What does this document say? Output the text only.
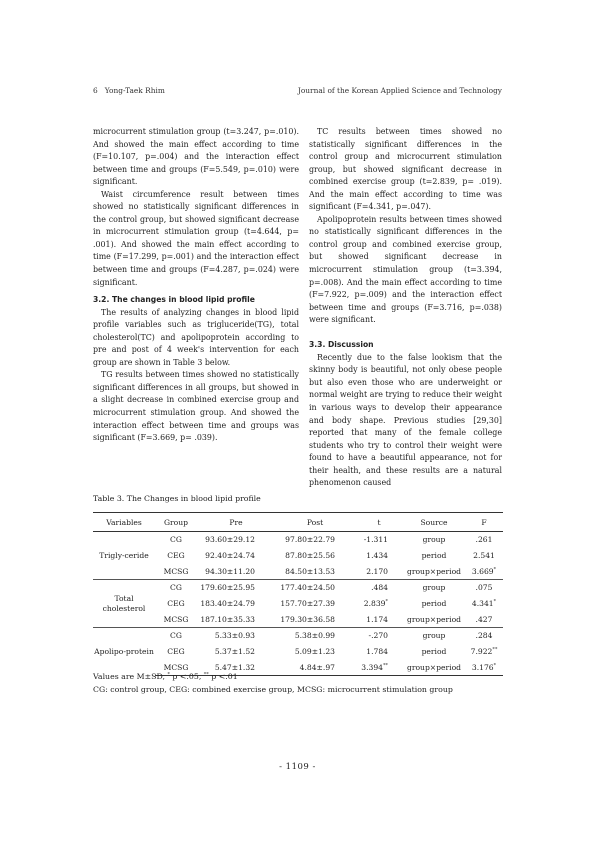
6 Yong-Taek Rhim	Journal of the Korean Applied Science and Technology

microcurrent stimulation group (t=3.247, p=.010). And showed the main effect according to time (F=10.107, p=.004) and the interaction effect between time and groups (F=5.549, p=.010) were significant.

Waist circumference result between times showed no statistically significant differences in the control group, but showed significant decrease in microcurrent stimulation group (t=4.644, p= .001). And showed the main effect according to time (F=17.299, p=.001) and the interaction effect between time and groups (F=4.287, p=.024) were significant.

3.2. The changes in blood lipid profile

The results of analyzing changes in blood lipid profile variables such as trigluceride(TG), total cholesterol(TC) and apolipoprotein according to pre and post of 4 week's intervention for each group are shown in Table 3 below.

TG results between times showed no statistically significant differences in all groups, but showed in a slight decrease in combined exercise group and microcurrent stimulation group. And showed the interaction effect between time and groups was significant (F=3.669, p= .039).

TC results between times showed no statistically significant differences in the control group and microcurrent stimulation group, but showed significant decrease in combined exercise group (t=2.839, p= .019). And the main effect according to time was significant (F=4.341, p=.047).

Apolipoprotein results between times showed no statistically significant differences in the control group and combined exercise group, but showed significant decrease in microcurrent stimulation group (t=3.394, p=.008). And the main effect according to time (F=7.922, p=.009) and the interaction effect between time and groups (F=3.716, p=.038) were significant.

3.3. Discussion

Recently due to the false lookism that the skinny body is beautiful, not only obese people but also even those who are underweight or normal weight are trying to reduce their weight in various ways to develop their appearance and body shape. Previous studies [29,30] reported that many of the female college students who try to control their weight were found to have a beautiful appearance, not for their health, and these results are a natural phenomenon caused

Table 3. The Changes in blood lipid profile
Variables	Group	Pre	Post	t	Source	F
Trigly-ceride	CG	93.60±29.12	97.80±22.79	-1.311	group	.261
	CEG	92.40±24.74	87.80±25.56	1.434	period	2.541
	MCSG	94.30±11.20	84.50±13.53	2.170	group×period	3.669*
Total cholesterol	CG	179.60±25.95	177.40±24.50	.484	group	.075
	CEG	183.40±24.79	157.70±27.39	2.839*	period	4.341*
	MCSG	187.10±35.33	179.30±36.58	1.174	group×period	.427
Apolipo-protein	CG	5.33±0.93	5.38±0.99	-.270	group	.284
	CEG	5.37±1.52	5.09±1.23	1.784	period	7.922**
	MCSG	5.47±1.32	4.84±.97	3.394**	group×period	3.176*
Values are M±SD, * p <.05, ** p <.01
CG: control group, CEG: combined exercise group, MCSG: microcurrent stimulation group
- 1109 -
